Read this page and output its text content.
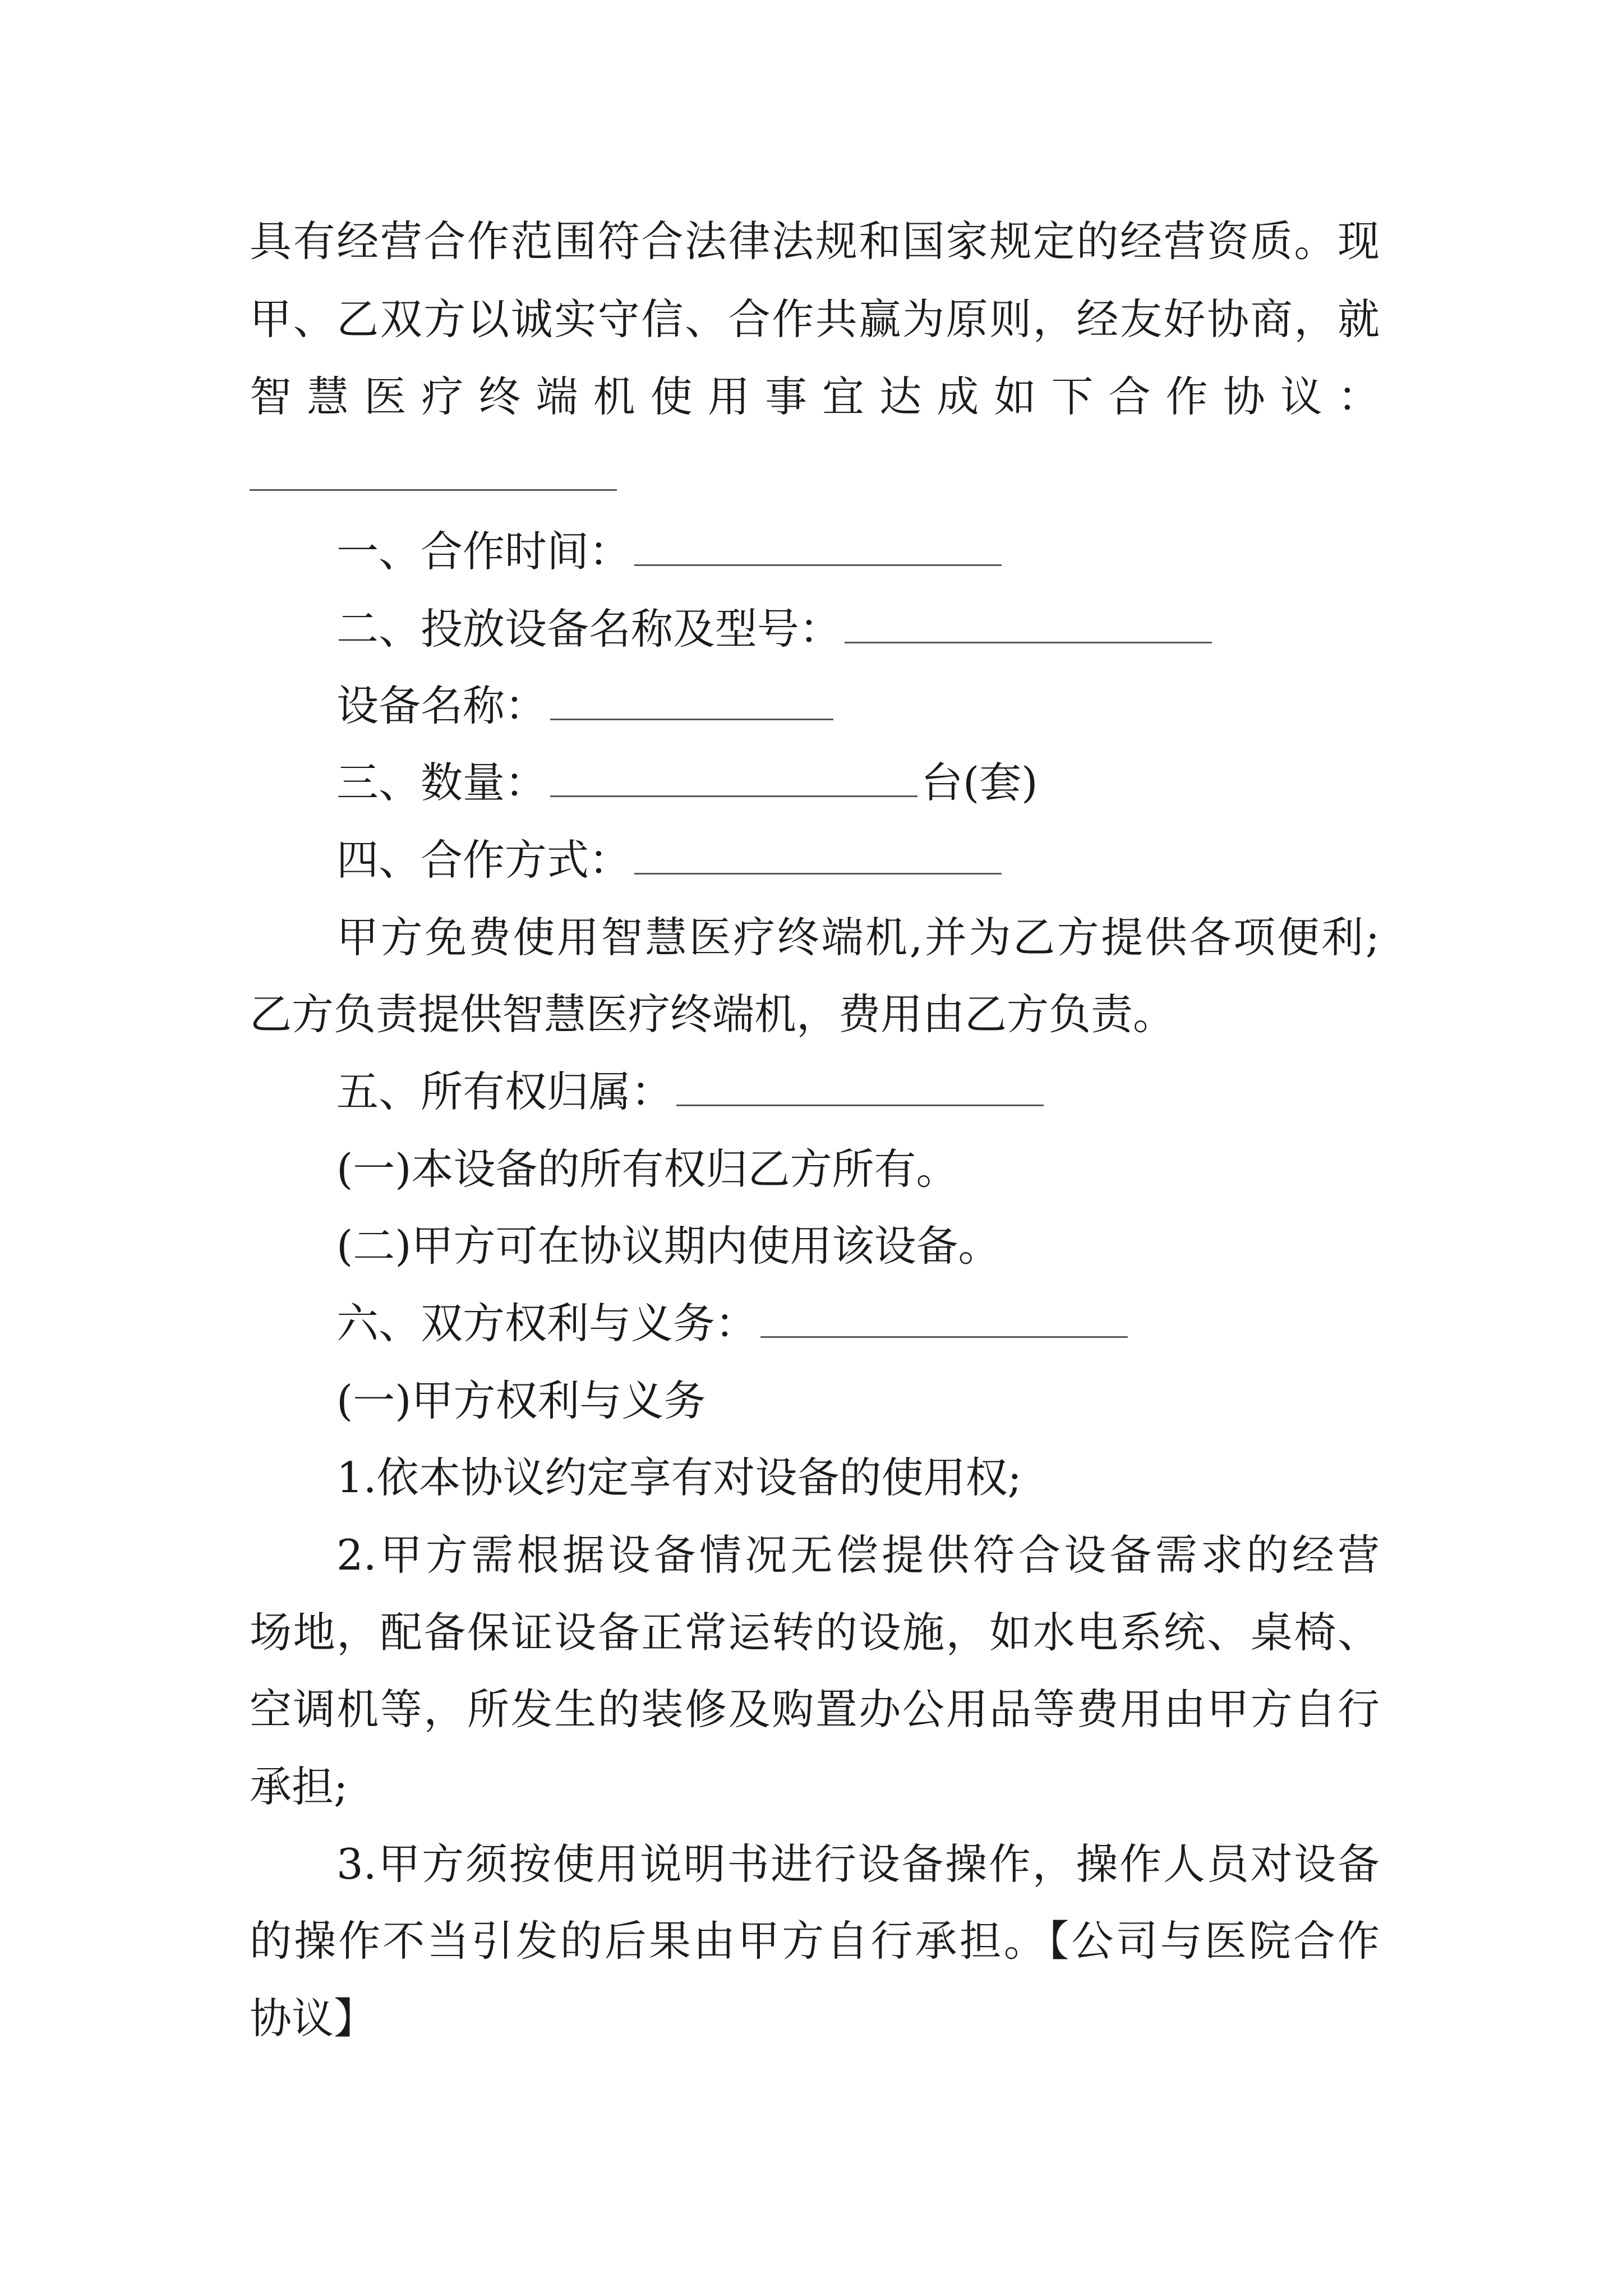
具有经营合作范围符合法律法规和国家规定的经营资质。现
甲、乙双方以诚实守信、合作共赢为原则，经友好协商，就
智慧医疗终端机使用事宜达成如下合作协议：
一、合作时间：
二、投放设备名称及型号：
设备名称：
三、数量：	台(套)
四、合作方式：
甲方免费使用智慧医疗终端机,并为乙方提供各项便利;
乙方负责提供智慧医疗终端机，费用由乙方负责。
五、所有权归属：
(一)本设备的所有权归乙方所有。
(二)甲方可在协议期内使用该设备。
六、双方权利与义务：
(一)甲方权利与义务
1.依本协议约定享有对设备的使用权;
2.甲方需根据设备情况无偿提供符合设备需求的经营
场地，配备保证设备正常运转的设施，如水电系统、桌椅、
空调机等，所发生的装修及购置办公用品等费用由甲方自行
承担;
3.甲方须按使用说明书进行设备操作，操作人员对设备
的操作不当引发的后果由甲方自行承担。【公司与医院合作
协议】
